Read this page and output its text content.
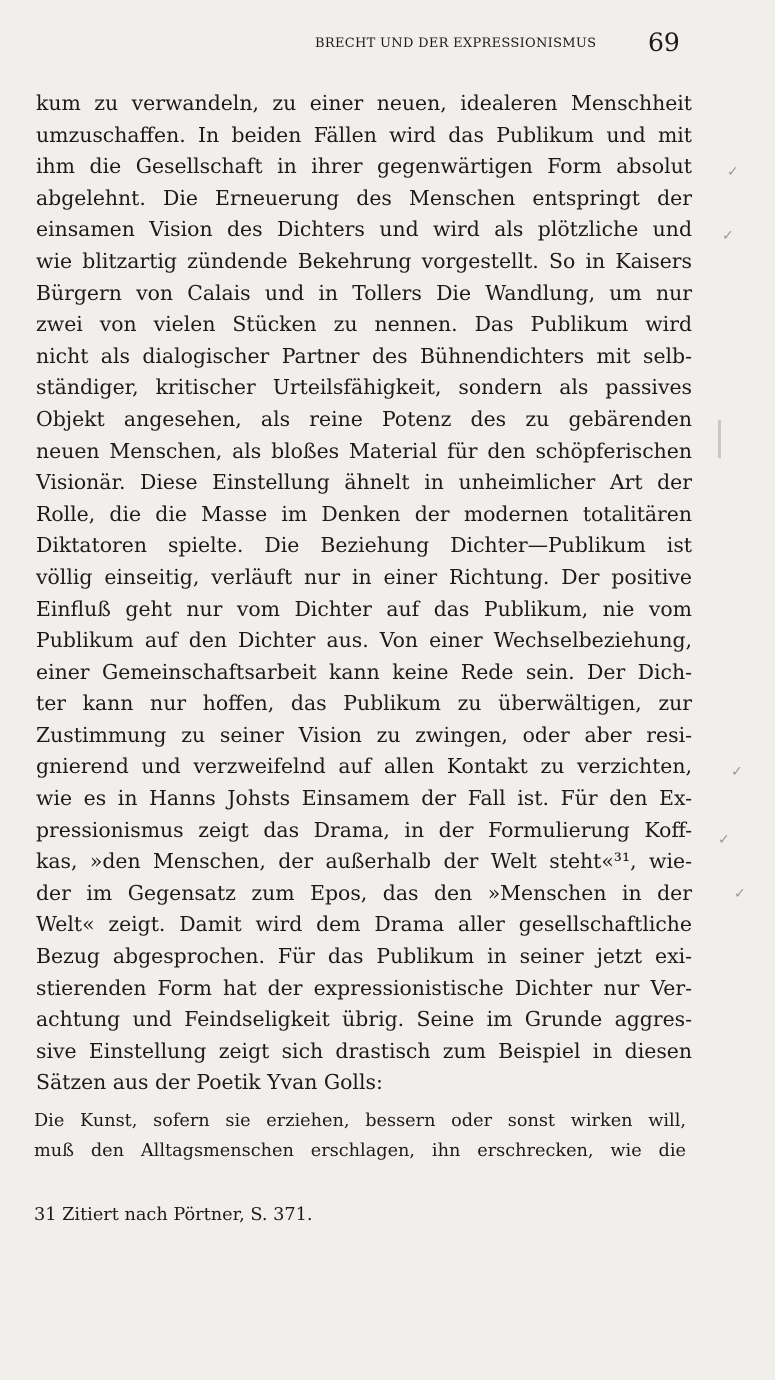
BRECHT UND DER EXPRESSIONISMUS 69
kum zu verwandeln, zu einer neuen, idealeren Menschheit
umzuschaffen. In beiden Fällen wird das Publikum und mit
ihm die Gesellschaft in ihrer gegenwärtigen Form absolut
abgelehnt. Die Erneuerung des Menschen entspringt der
einsamen Vision des Dichters und wird als plötzliche und
wie blitzartig zündende Bekehrung vorgestellt. So in Kaisers
Bürgern von Calais und in Tollers Die Wandlung, um nur
zwei von vielen Stücken zu nennen. Das Publikum wird
nicht als dialogischer Partner des Bühnendichters mit selb-
ständiger, kritischer Urteilsfähigkeit, sondern als passives
Objekt angesehen, als reine Potenz des zu gebärenden
neuen Menschen, als bloßes Material für den schöpferischen
Visionär. Diese Einstellung ähnelt in unheimlicher Art der
Rolle, die die Masse im Denken der modernen totalitären
Diktatoren spielte. Die Beziehung Dichter—Publikum ist
völlig einseitig, verläuft nur in einer Richtung. Der positive
Einfluß geht nur vom Dichter auf das Publikum, nie vom
Publikum auf den Dichter aus. Von einer Wechselbeziehung,
einer Gemeinschaftsarbeit kann keine Rede sein. Der Dich-
ter kann nur hoffen, das Publikum zu überwältigen, zur
Zustimmung zu seiner Vision zu zwingen, oder aber resi-
gnierend und verzweifelnd auf allen Kontakt zu verzichten,
wie es in Hanns Johsts Einsamem der Fall ist. Für den Ex-
pressionismus zeigt das Drama, in der Formulierung Koff-
kas, »den Menschen, der außerhalb der Welt steht«³¹, wie-
der im Gegensatz zum Epos, das den »Menschen in der
Welt« zeigt. Damit wird dem Drama aller gesellschaftliche
Bezug abgesprochen. Für das Publikum in seiner jetzt exi-
stierenden Form hat der expressionistische Dichter nur Ver-
achtung und Feindseligkeit übrig. Seine im Grunde aggres-
sive Einstellung zeigt sich drastisch zum Beispiel in diesen
Sätzen aus der Poetik Yvan Golls:
Die Kunst, sofern sie erziehen, bessern oder sonst wirken will,
muß den Alltagsmenschen erschlagen, ihn erschrecken, wie die
31 Zitiert nach Pörtner, S. 371.
✓
✓
✓
✓
✓
